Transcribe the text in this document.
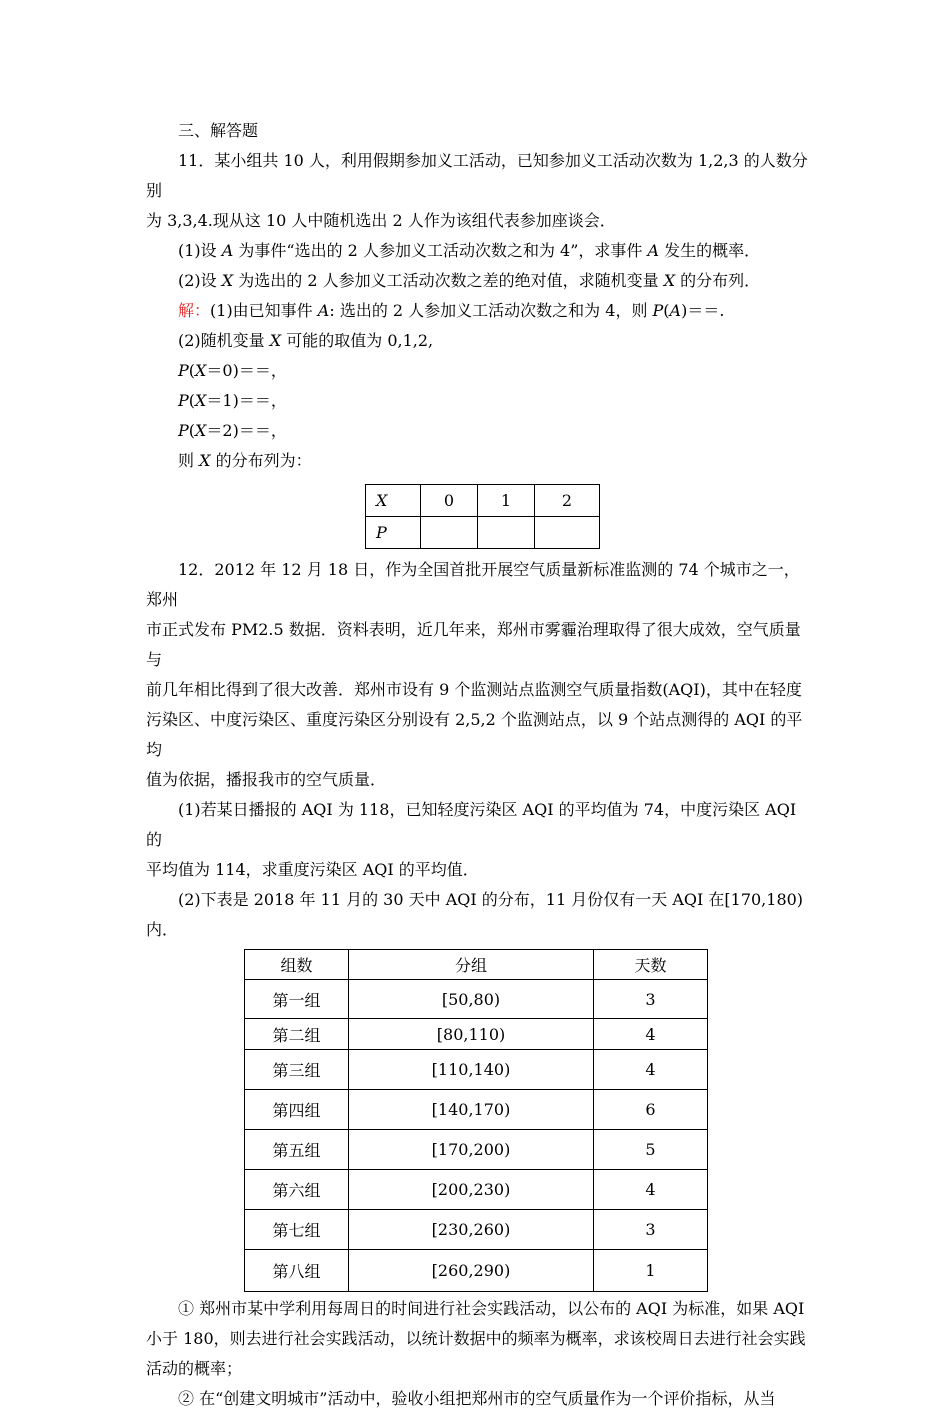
三、解答题

11．某小组共 10 人，利用假期参加义工活动，已知参加义工活动次数为 1,2,3 的人数分别

为 3,3,4.现从这 10 人中随机选出 2 人作为该组代表参加座谈会．

(1)设 A 为事件“选出的 2 人参加义工活动次数之和为 4”，求事件 A 发生的概率．

(2)设 X 为选出的 2 人参加义工活动次数之差的绝对值，求随机变量 X 的分布列．

解：(1)由已知事件 A: 选出的 2 人参加义工活动次数之和为 4，则 P(A)＝＝.

(2)随机变量 X 可能的取值为 0,1,2,

P(X＝0)＝＝，

P(X＝1)＝＝，

P(X＝2)＝＝，

则 X 的分布列为：

X	0	1	2
P			

12．2012 年 12 月 18 日，作为全国首批开展空气质量新标准监测的 74 个城市之一，郑州

市正式发布 PM2.5 数据．资料表明，近几年来，郑州市雾霾治理取得了很大成效，空气质量与

前几年相比得到了很大改善．郑州市设有 9 个监测站点监测空气质量指数(AQI)，其中在轻度

污染区、中度污染区、重度污染区分别设有 2,5,2 个监测站点，以 9 个站点测得的 AQI 的平均

值为依据，播报我市的空气质量．

(1)若某日播报的 AQI 为 118，已知轻度污染区 AQI 的平均值为 74，中度污染区 AQI 的

平均值为 114，求重度污染区 AQI 的平均值．

(2)下表是 2018 年 11 月的 30 天中 AQI 的分布，11 月份仅有一天 AQI 在[170,180)内．

组数	分组	天数
第一组	[50,80)	3
第二组	[80,110)	4
第三组	[110,140)	4
第四组	[140,170)	6
第五组	[170,200)	5
第六组	[200,230)	4
第七组	[230,260)	3
第八组	[260,290)	1

① 郑州市某中学利用每周日的时间进行社会实践活动，以公布的 AQI 为标准，如果 AQI

小于 180，则去进行社会实践活动，以统计数据中的频率为概率，求该校周日去进行社会实践

活动的概率；

② 在“创建文明城市”活动中，验收小组把郑州市的空气质量作为一个评价指标，从当
